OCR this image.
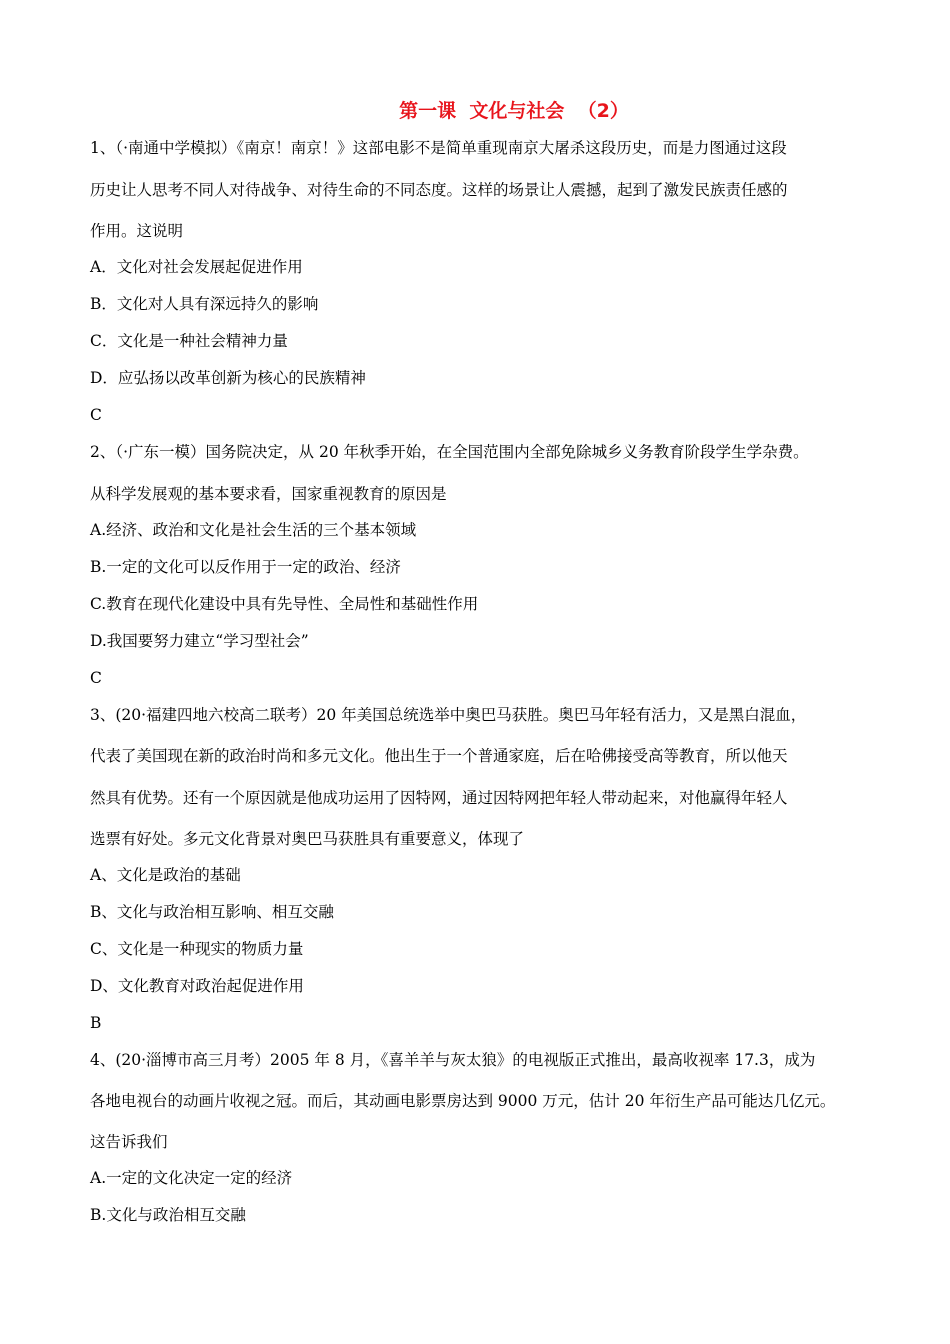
第一课  文化与社会  （2）
1、（·南通中学模拟）《南京！南京！》这部电影不是简单重现南京大屠杀这段历史，而是力图通过这段
历史让人思考不同人对待战争、对待生命的不同态度。这样的场景让人震撼，起到了激发民族责任感的
作用。这说明
A．文化对社会发展起促进作用
B．文化对人具有深远持久的影响
C．文化是一种社会精神力量
D．应弘扬以改革创新为核心的民族精神
C
2、（·广东一模）国务院决定，从 20 年秋季开始，在全国范围内全部免除城乡义务教育阶段学生学杂费。
从科学发展观的基本要求看，国家重视教育的原因是
A.经济、政治和文化是社会生活的三个基本领域
B.一定的文化可以反作用于一定的政治、经济
C.教育在现代化建设中具有先导性、全局性和基础性作用
D.我国要努力建立“学习型社会”
C
3、(20·福建四地六校高二联考）20 年美国总统选举中奥巴马获胜。奥巴马年轻有活力，又是黑白混血，
代表了美国现在新的政治时尚和多元文化。他出生于一个普通家庭，后在哈佛接受高等教育，所以他天
然具有优势。还有一个原因就是他成功运用了因特网，通过因特网把年轻人带动起来，对他赢得年轻人
选票有好处。多元文化背景对奥巴马获胜具有重要意义，体现了
A、文化是政治的基础
B、文化与政治相互影响、相互交融
C、文化是一种现实的物质力量
D、文化教育对政治起促进作用
B
4、(20·淄博市高三月考）2005 年 8 月，《喜羊羊与灰太狼》的电视版正式推出，最高收视率 17.3，成为
各地电视台的动画片收视之冠。而后，其动画电影票房达到 9000 万元，估计 20 年衍生产品可能达几亿元。
这告诉我们
A.一定的文化决定一定的经济
B.文化与政治相互交融
